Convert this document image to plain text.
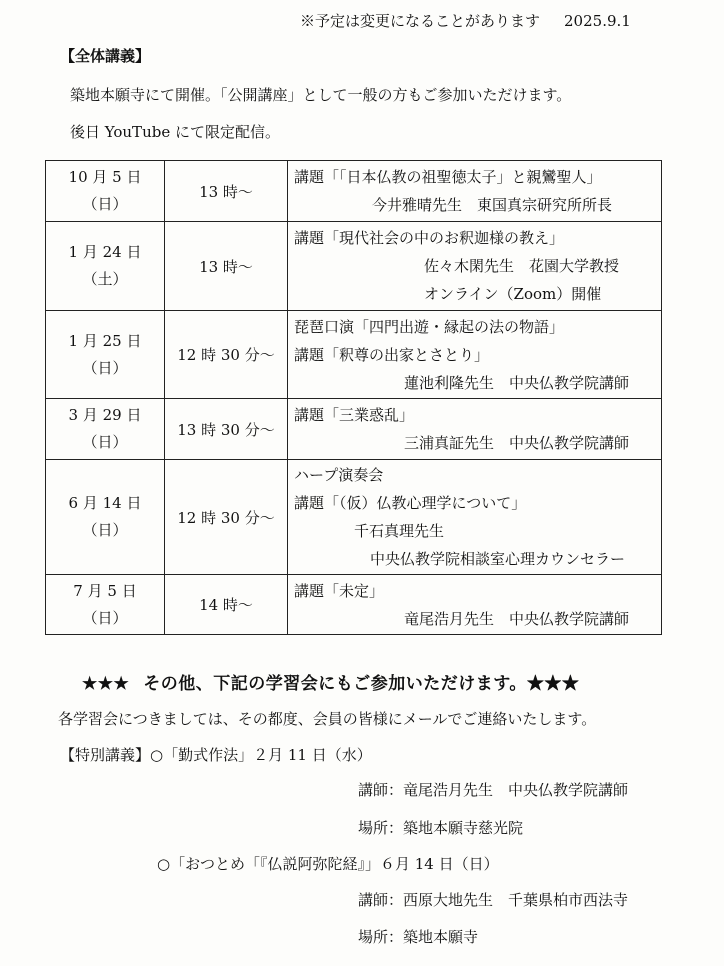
※予定は変更になることがあります 2025.9.1
【全体講義】
築地本願寺にて開催。「公開講座」として一般の方もご参加いただけます。
後日 YouTube にて限定配信。
10 月 5 日
（日）	13 時〜	講題「「日本仏教の祖聖徳太子」と親鸞聖人」
今井雅晴先生　東国真宗研究所所長

1 月 24 日
（土）	13 時〜	講題「現代社会の中のお釈迦様の教え」
佐々木閑先生　花園大学教授
オンライン（Zoom）開催

1 月 25 日
（日）	12 時 30 分〜	琵琶口演「四門出遊・縁起の法の物語」
講題「釈尊の出家とさとり」
蓮池利隆先生　中央仏教学院講師

3 月 29 日
（日）	13 時 30 分〜	講題「三業惑乱」
三浦真証先生　中央仏教学院講師

6 月 14 日
（日）	12 時 30 分〜	ハープ演奏会
講題「（仮）仏教心理学について」
千石真理先生
中央仏教学院相談室心理カウンセラー

7 月 5 日
（日）	14 時〜	講題「未定」
竜尾浩月先生　中央仏教学院講師
★★★ その他、下記の学習会にもご参加いただけます。★★★
各学習会につきましては、その都度、会員の皆様にメールでご連絡いたします。
【特別講義】○「勤式作法」２月 11 日（水）
講師：竜尾浩月先生　中央仏教学院講師
場所：築地本願寺慈光院
○「おつとめ「『仏説阿弥陀経』」６月 14 日（日）
講師：西原大地先生　千葉県柏市西法寺
場所：築地本願寺
